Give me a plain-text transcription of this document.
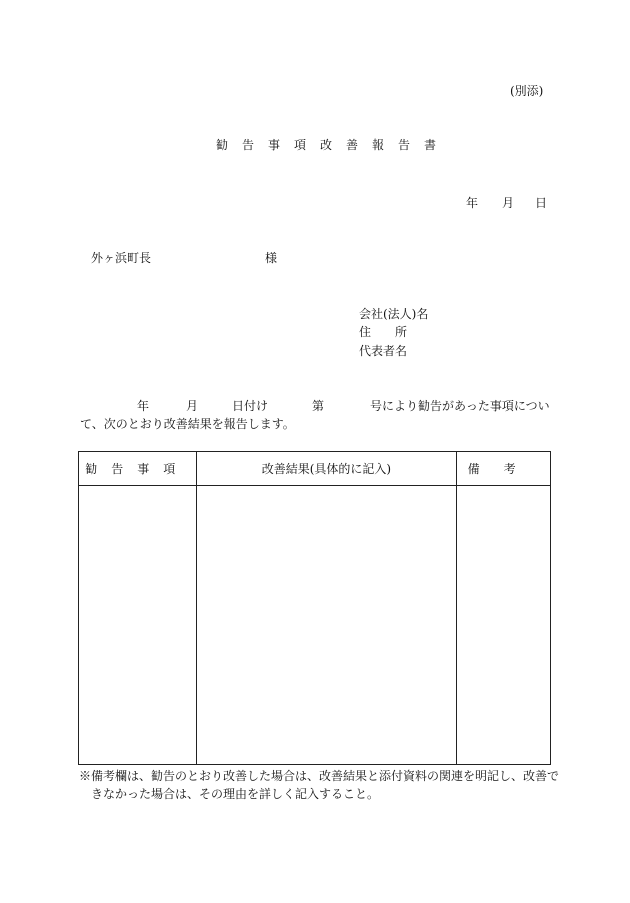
(別添)
勧告事項改善報告書
年 月 日
外ヶ浜町長	様
会社(法人)名
住　　所
代表者名
年	月	日付け	第	号により勧告があった事項につい
て、次のとおり改善結果を報告します。
勧告事項	改善結果(具体的に記入)	備考

※備考欄は、勧告のとおり改善した場合は、改善結果と添付資料の関連を明記し、改善で
きなかった場合は、その理由を詳しく記入すること。
